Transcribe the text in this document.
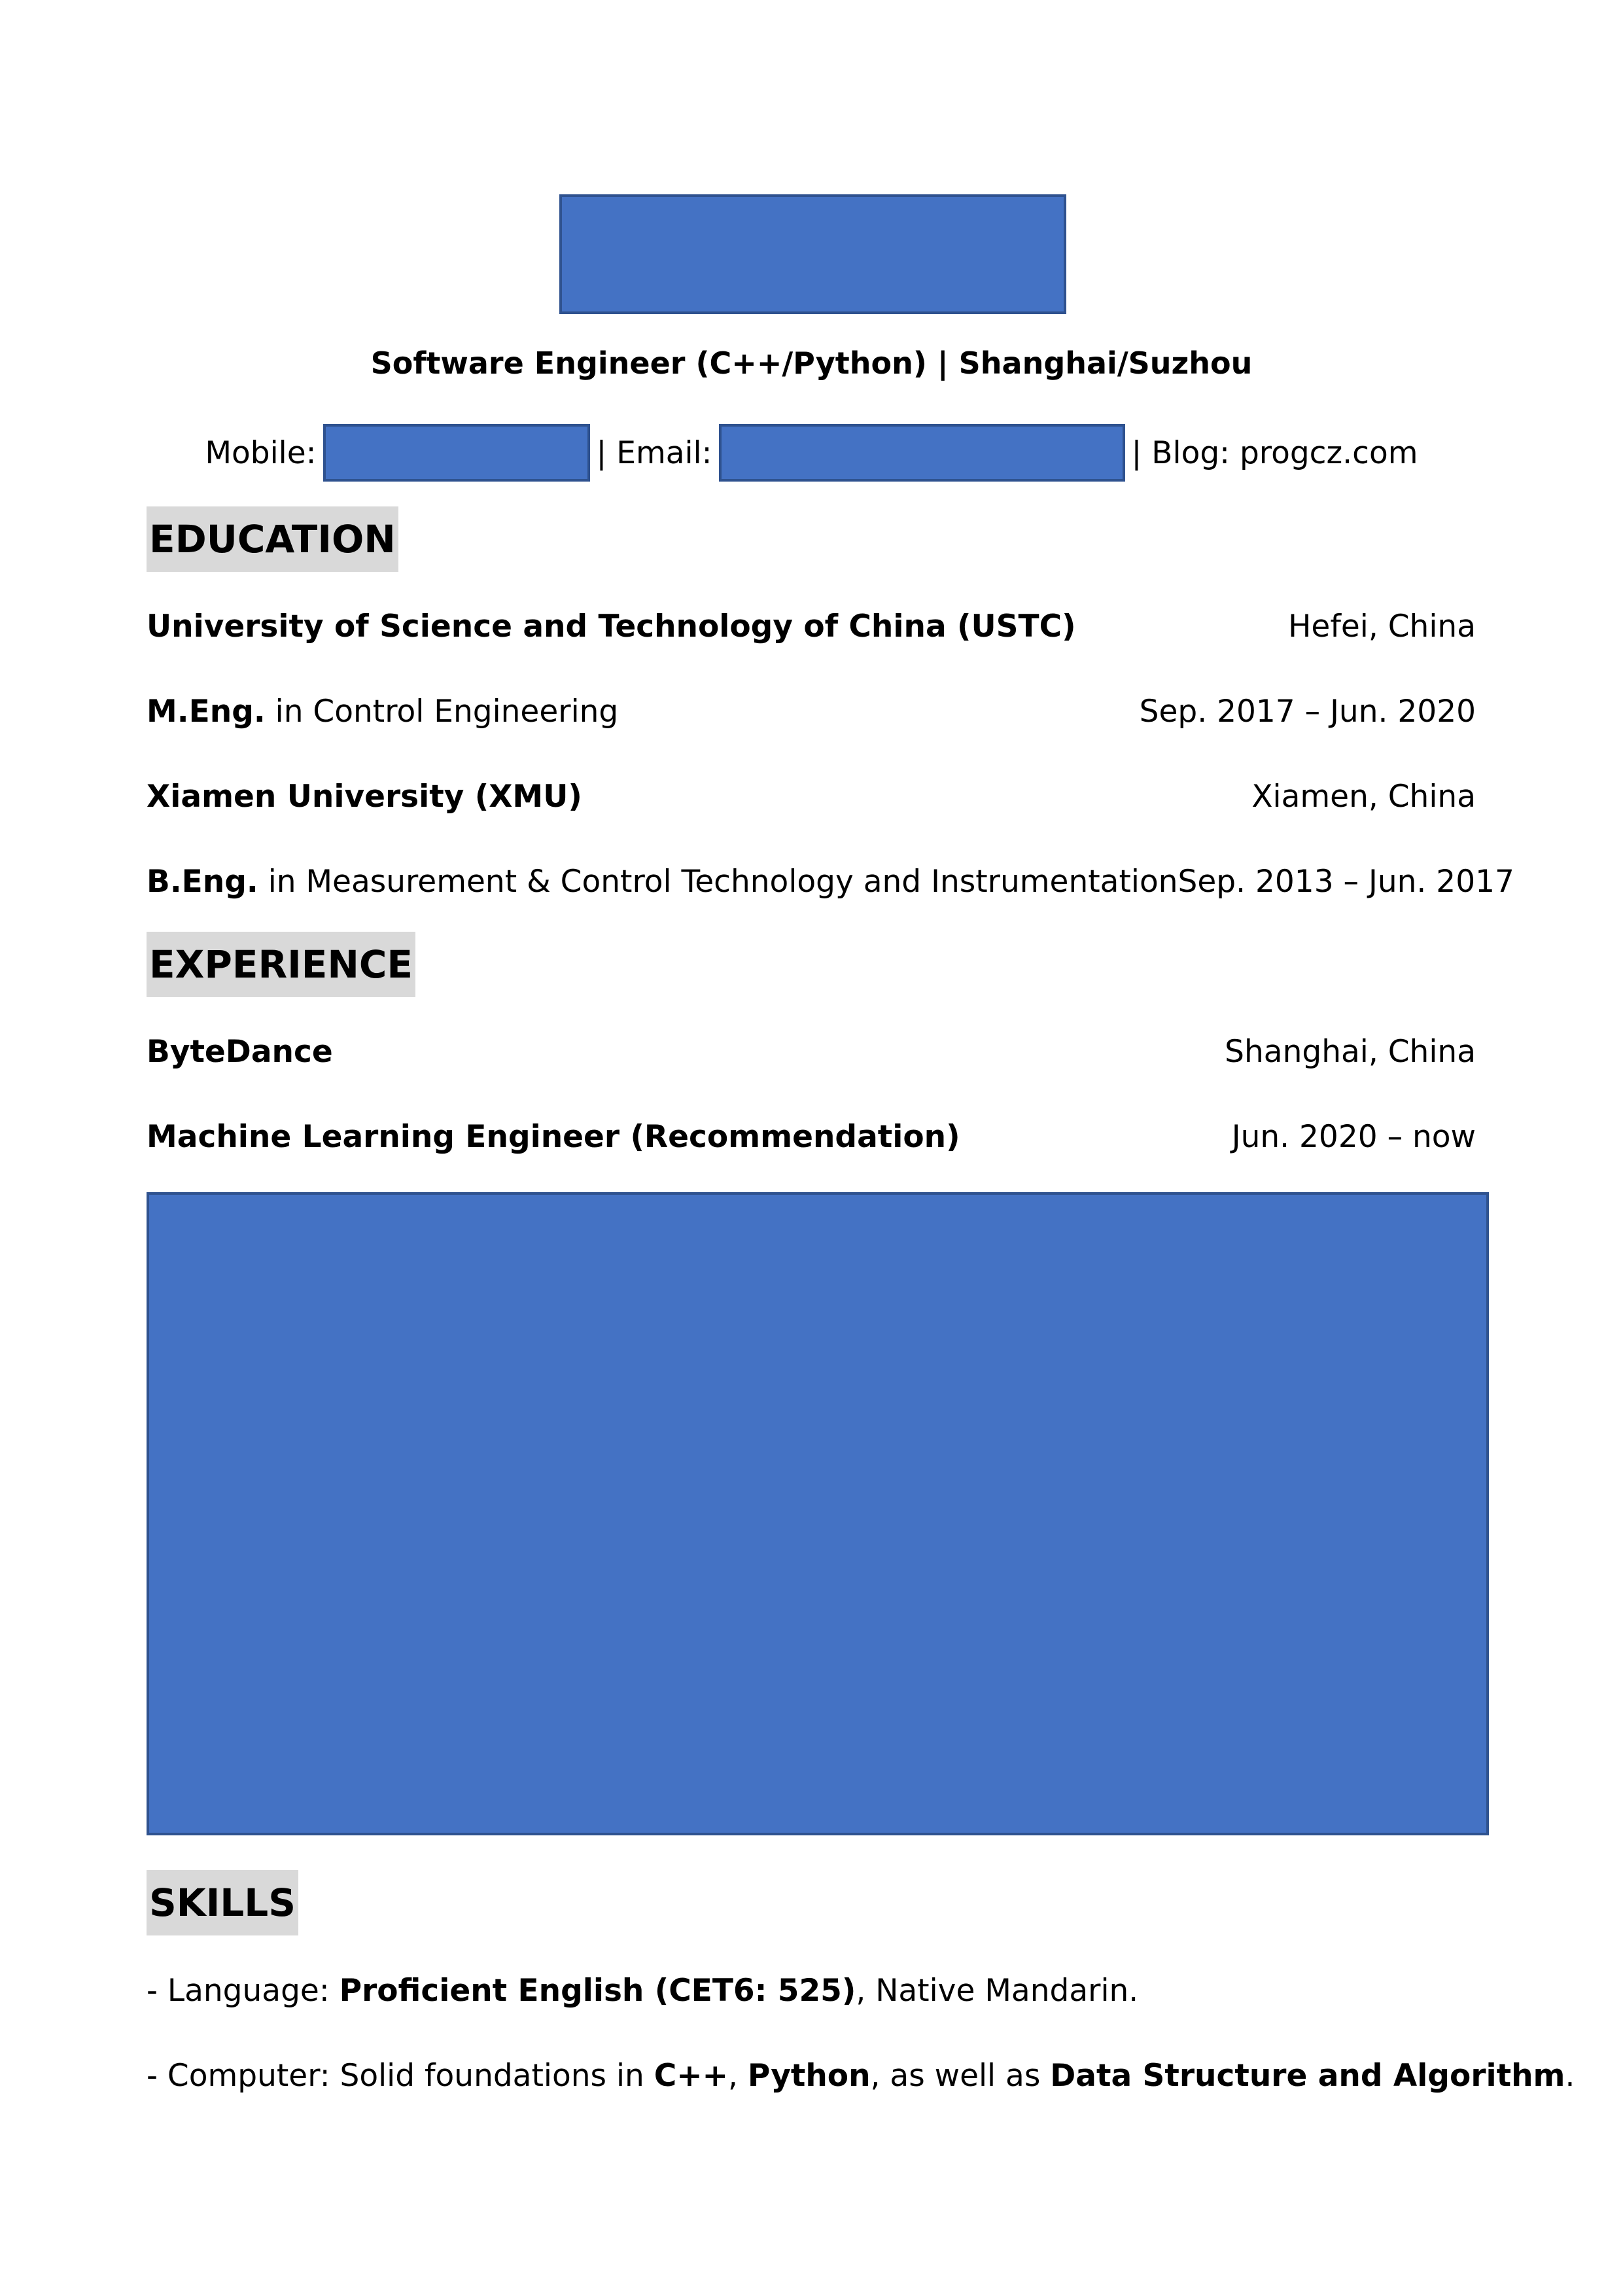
Software Engineer (C++/Python) | Shanghai/Suzhou
Mobile:	| Email:	| Blog: progcz.com
EDUCATION
University of Science and Technology of China (USTC)	Hefei, China
M.Eng. in Control Engineering	Sep. 2017 – Jun. 2020
Xiamen University (XMU)	Xiamen, China
B.Eng. in Measurement & Control Technology and Instrumentation Sep. 2013 – Jun. 2017
EXPERIENCE
ByteDance	Shanghai, China
Machine Learning Engineer (Recommendation)	Jun. 2020 – now
SKILLS
- Language: Proficient English (CET6: 525) , Native Mandarin.
- Computer: Solid foundations in C++ , Python , as well as Data Structure and Algorithm .
